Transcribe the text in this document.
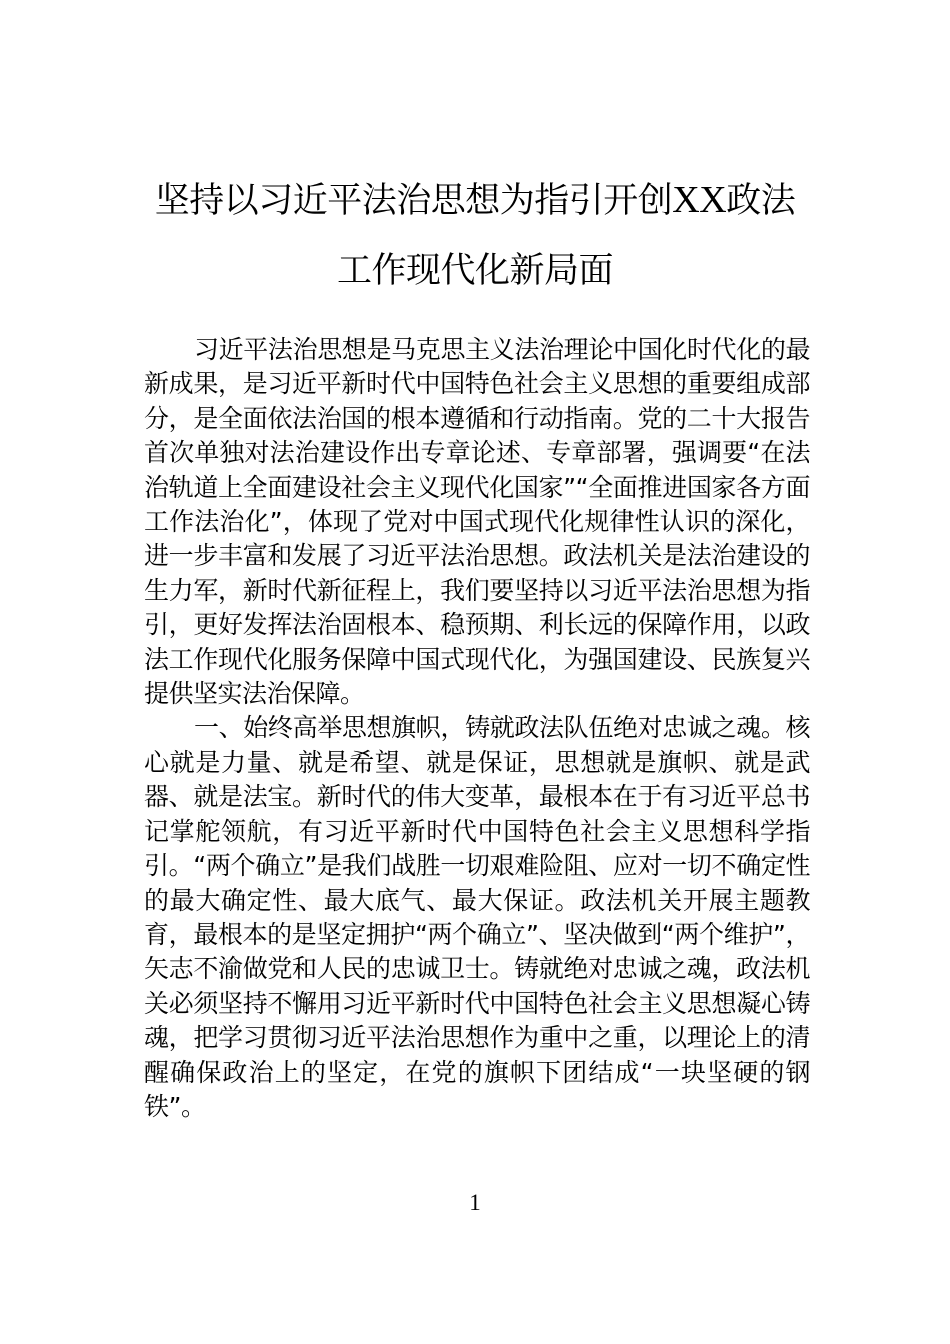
坚持以习近平法治思想为指引开创XX政法
工作现代化新局面

习近平法治思想是马克思主义法治理论中国化时代化的最新成果，是习近平新时代中国特色社会主义思想的重要组成部分，是全面依法治国的根本遵循和行动指南。党的二十大报告首次单独对法治建设作出专章论述、专章部署，强调要“在法治轨道上全面建设社会主义现代化国家”“全面推进国家各方面工作法治化”，体现了党对中国式现代化规律性认识的深化，进一步丰富和发展了习近平法治思想。政法机关是法治建设的生力军，新时代新征程上，我们要坚持以习近平法治思想为指引，更好发挥法治固根本、稳预期、利长远的保障作用，以政法工作现代化服务保障中国式现代化，为强国建设、民族复兴提供坚实法治保障。

一、始终高举思想旗帜，铸就政法队伍绝对忠诚之魂。核心就是力量、就是希望、就是保证，思想就是旗帜、就是武器、就是法宝。新时代的伟大变革，最根本在于有习近平总书记掌舵领航，有习近平新时代中国特色社会主义思想科学指引。“两个确立”是我们战胜一切艰难险阻、应对一切不确定性的最大确定性、最大底气、最大保证。政法机关开展主题教育，最根本的是坚定拥护“两个确立”、坚决做到“两个维护”，矢志不渝做党和人民的忠诚卫士。铸就绝对忠诚之魂，政法机关必须坚持不懈用习近平新时代中国特色社会主义思想凝心铸魂，把学习贯彻习近平法治思想作为重中之重，以理论上的清醒确保政治上的坚定，在党的旗帜下团结成“一块坚硬的钢铁”。

1
